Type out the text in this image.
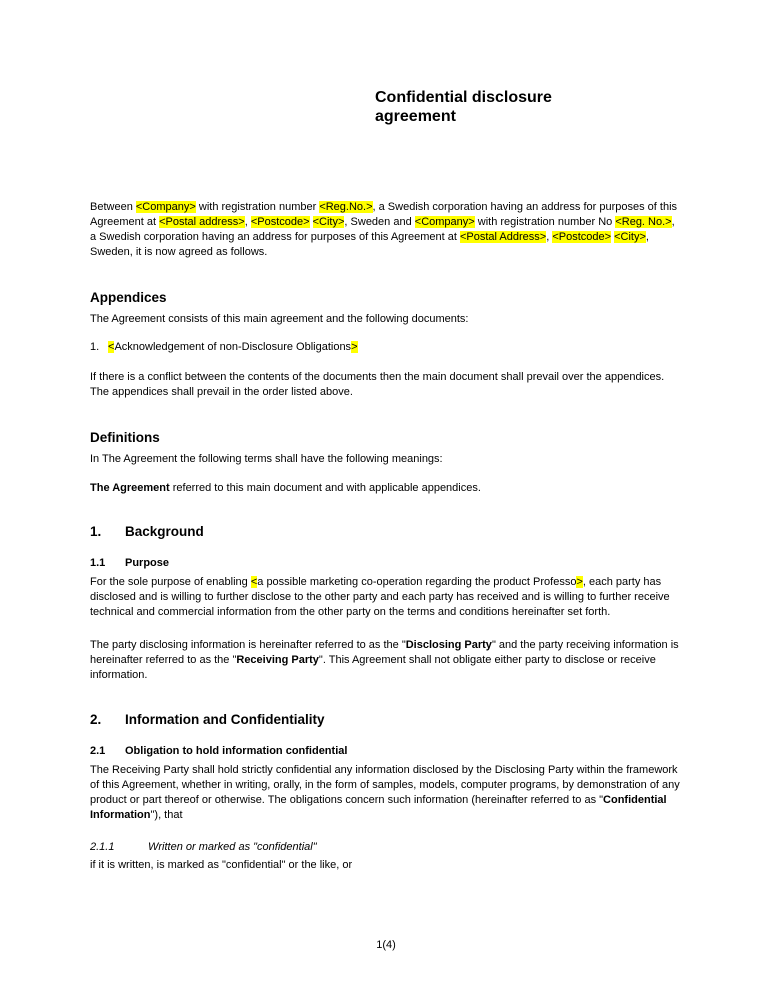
Confidential disclosure agreement

Between <Company> with registration number <Reg.No.>, a Swedish corporation having an address for purposes of this Agreement at <Postal address>, <Postcode> <City>, Sweden and <Company> with registration number No <Reg. No.>, a Swedish corporation having an address for purposes of this Agreement at <Postal Address>, <Postcode> <City>, Sweden, it is now agreed as follows.

Appendices

The Agreement consists of this main agreement and the following documents:

1. <Acknowledgement of non-Disclosure Obligations>

If there is a conflict between the contents of the documents then the main document shall prevail over the appendices. The appendices shall prevail in the order listed above.

Definitions

In The Agreement the following terms shall have the following meanings:

The Agreement referred to this main document and with applicable appendices.

1.	Background
1.1	Purpose

For the sole purpose of enabling <a possible marketing co-operation regarding the product Professo>, each party has disclosed and is willing to further disclose to the other party and each party has received and is willing to further receive technical and commercial information from the other party on the terms and conditions hereinafter set forth.

The party disclosing information is hereinafter referred to as the "Disclosing Party" and the party receiving information is hereinafter referred to as the "Receiving Party". This Agreement shall not obligate either party to disclose or receive information.

2.	Information and Confidentiality
2.1	Obligation to hold information confidential

The Receiving Party shall hold strictly confidential any information disclosed by the Disclosing Party within the framework of this Agreement, whether in writing, orally, in the form of samples, models, computer programs, by demonstration of any product or part thereof or otherwise. The obligations concern such information (hereinafter referred to as "Confidential Information"), that

2.1.1	Written or marked as "confidential"

if it is written, is marked as "confidential" or the like, or

1(4)
